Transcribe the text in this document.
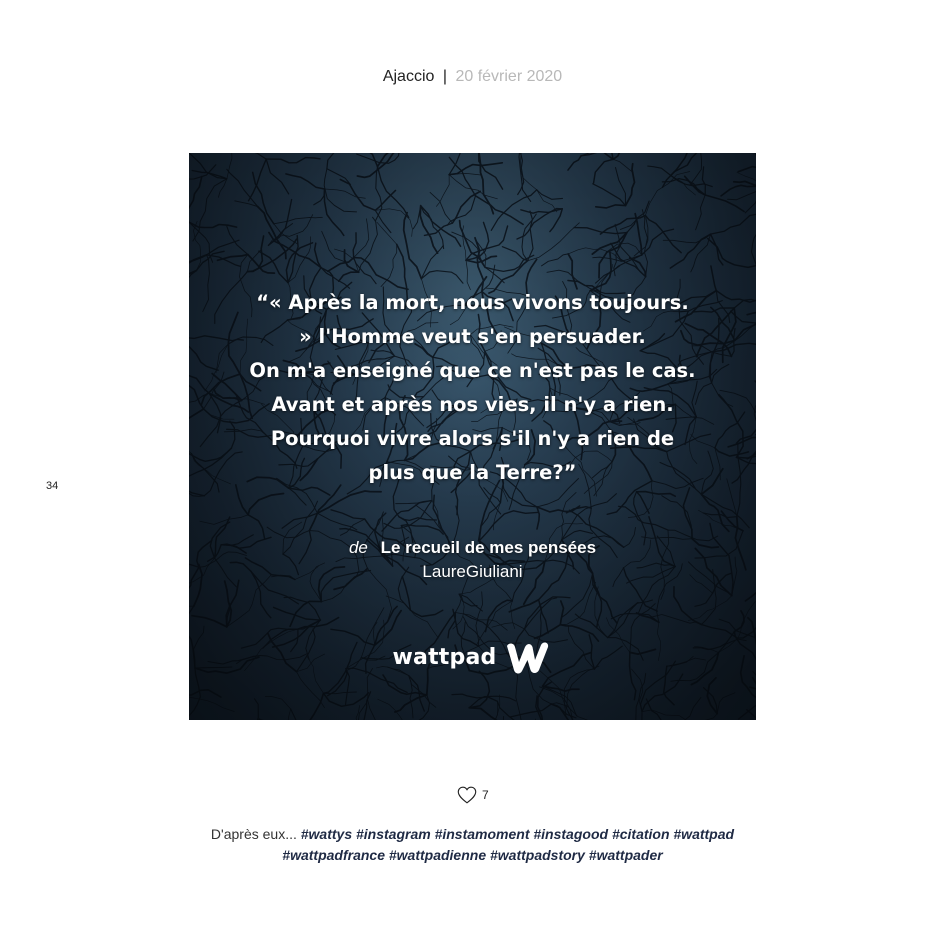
Ajaccio | 20 février 2020
34
“« Après la mort, nous vivons toujours.
» l'Homme veut s'en persuader.
On m'a enseigné que ce n'est pas le cas.
Avant et après nos vies, il n'y a rien.
Pourquoi vivre alors s'il n'y a rien de
plus que la Terre?”
de Le recueil de mes pensées
LaureGiuliani
wattpad
7
D'après eux... #wattys #instagram #instamoment #instagood #citation #wattpad
#wattpadfrance #wattpadienne #wattpadstory #wattpader
